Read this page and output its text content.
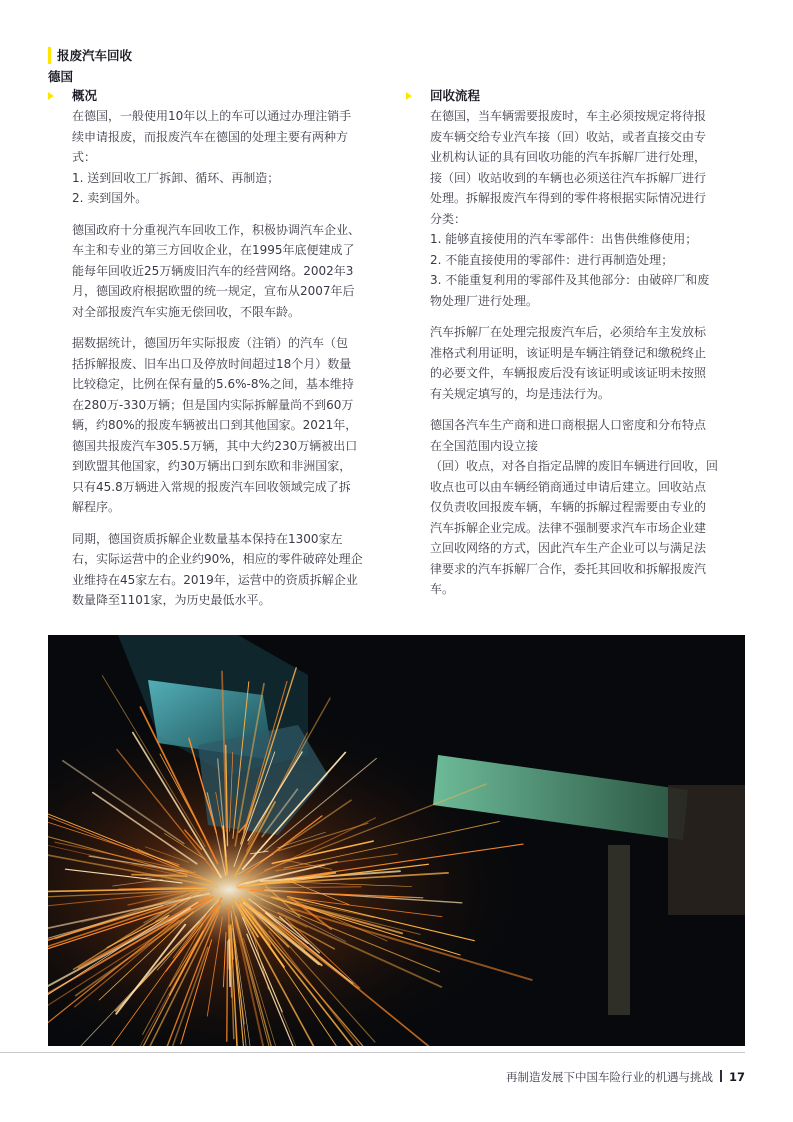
报废汽车回收
德国
概况
在德国，一般使用10年以上的车可以通过办理注销手
续申请报废，而报废汽车在德国的处理主要有两种方
式：
1. 送到回收工厂拆卸、循环、再制造；
2. 卖到国外。
德国政府十分重视汽车回收工作，积极协调汽车企业、
车主和专业的第三方回收企业，在1995年底便建成了
能每年回收近25万辆废旧汽车的经营网络。2002年3
月，德国政府根据欧盟的统一规定，宣布从2007年后
对全部报废汽车实施无偿回收，不限车龄。
据数据统计，德国历年实际报废（注销）的汽车（包
括拆解报废、旧车出口及停放时间超过18个月）数量
比较稳定，比例在保有量的5.6%-8%之间，基本维持
在280万-330万辆；但是国内实际拆解量尚不到60万
辆，约80%的报废车辆被出口到其他国家。2021年，
德国共报废汽车305.5万辆，其中大约230万辆被出口
到欧盟其他国家，约30万辆出口到东欧和非洲国家，
只有45.8万辆进入常规的报废汽车回收领域完成了拆
解程序。
同期，德国资质拆解企业数量基本保持在1300家左
右，实际运营中的企业约90%，相应的零件破碎处理企
业维持在45家左右。2019年，运营中的资质拆解企业
数量降至1101家，为历史最低水平。
回收流程
在德国，当车辆需要报废时，车主必须按规定将待报
废车辆交给专业汽车接（回）收站，或者直接交由专
业机构认证的具有回收功能的汽车拆解厂进行处理，
接（回）收站收到的车辆也必须送往汽车拆解厂进行
处理。拆解报废汽车得到的零件将根据实际情况进行
分类：
1. 能够直接使用的汽车零部件：出售供维修使用；
2. 不能直接使用的零部件：进行再制造处理；
3. 不能重复利用的零部件及其他部分：由破碎厂和废
物处理厂进行处理。
汽车拆解厂在处理完报废汽车后，必须给车主发放标
准格式利用证明，该证明是车辆注销登记和缴税终止
的必要文件，车辆报废后没有该证明或该证明未按照
有关规定填写的，均是违法行为。
德国各汽车生产商和进口商根据人口密度和分布特点
在全国范围内设立接
（回）收点，对各自指定品牌的废旧车辆进行回收，回
收点也可以由车辆经销商通过申请后建立。回收站点
仅负责收回报废车辆，车辆的拆解过程需要由专业的
汽车拆解企业完成。法律不强制要求汽车市场企业建
立回收网络的方式，因此汽车生产企业可以与满足法
律要求的汽车拆解厂合作，委托其回收和拆解报废汽
车。
再制造发展下中国车险行业的机遇与挑战 17
